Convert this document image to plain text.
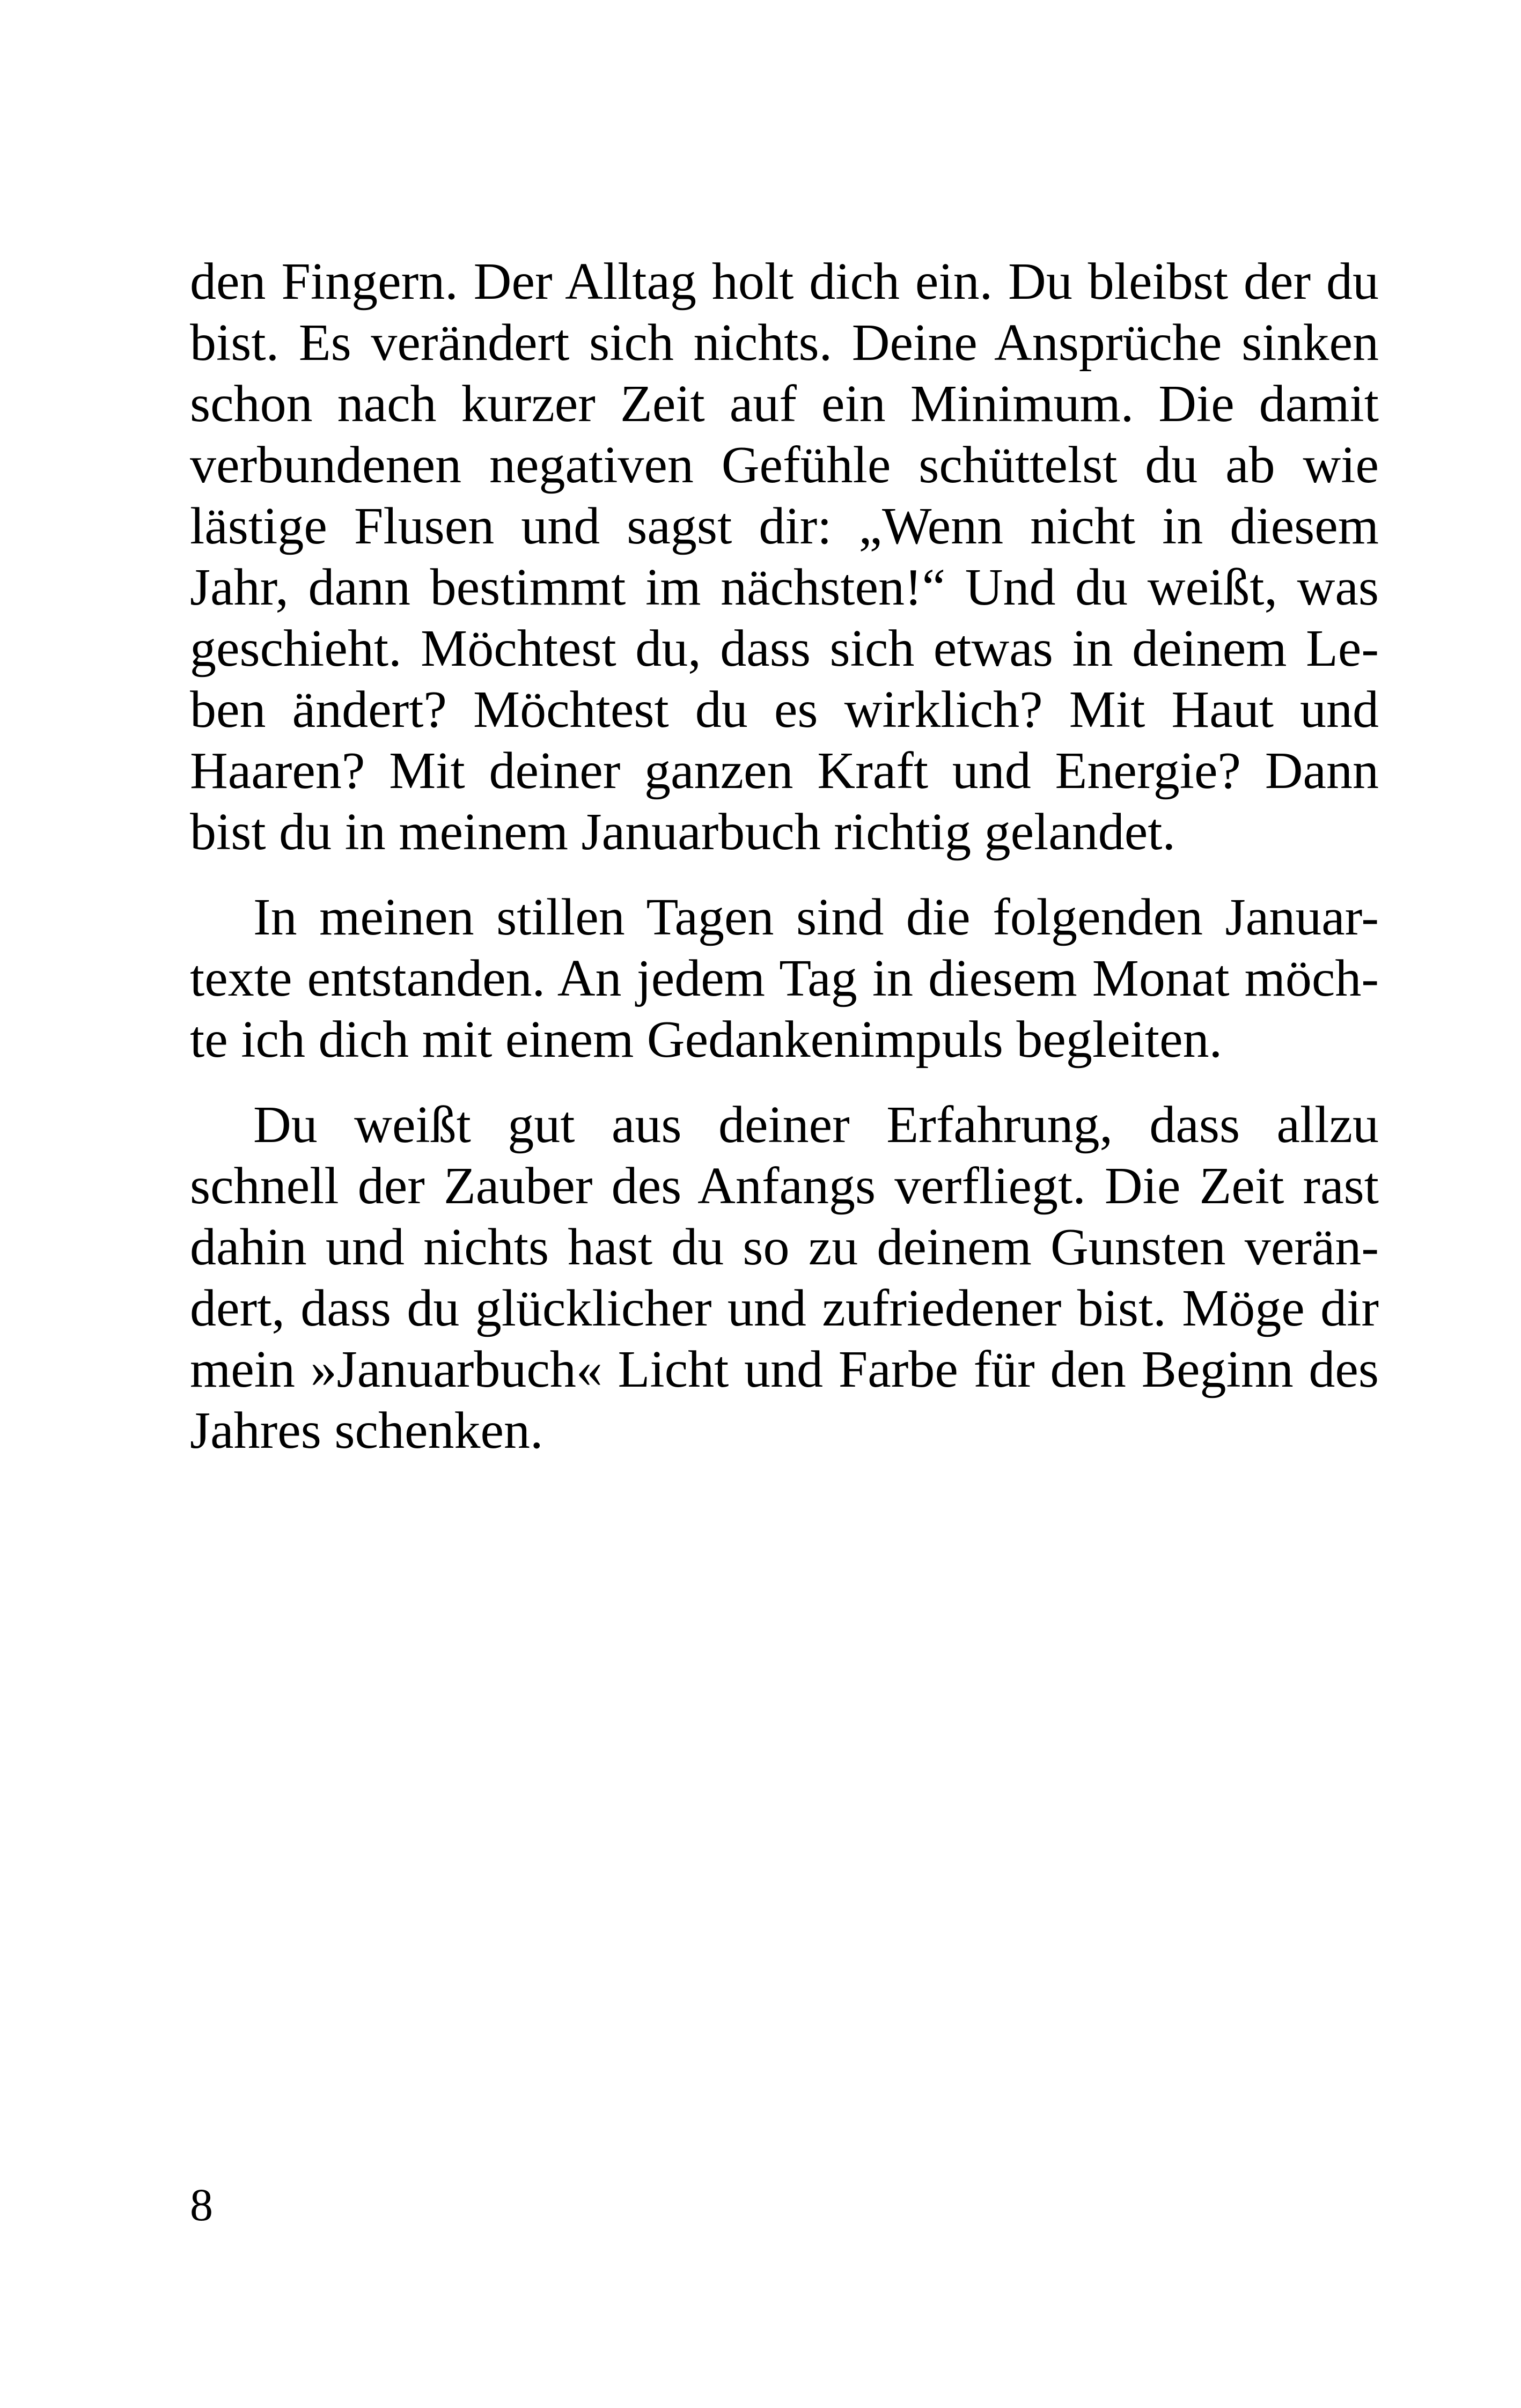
den Fingern. Der Alltag holt dich ein. Du bleibst der du
bist. Es verändert sich nichts. Deine Ansprüche sinken
schon nach kurzer Zeit auf ein Minimum. Die damit
verbundenen negativen Gefühle schüttelst du ab wie
lästige Flusen und sagst dir: „Wenn nicht in diesem
Jahr, dann bestimmt im nächsten!“ Und du weißt, was
geschieht. Möchtest du, dass sich etwas in deinem Le-
ben ändert? Möchtest du es wirklich? Mit Haut und
Haaren? Mit deiner ganzen Kraft und Energie? Dann
bist du in meinem Januarbuch richtig gelandet.
In meinen stillen Tagen sind die folgenden Januar-
texte entstanden. An jedem Tag in diesem Monat möch-
te ich dich mit einem Gedankenimpuls begleiten.
Du weißt gut aus deiner Erfahrung, dass allzu
schnell der Zauber des Anfangs verfliegt. Die Zeit rast
dahin und nichts hast du so zu deinem Gunsten verän-
dert, dass du glücklicher und zufriedener bist. Möge dir
mein »Januarbuch« Licht und Farbe für den Beginn des
Jahres schenken.
8
